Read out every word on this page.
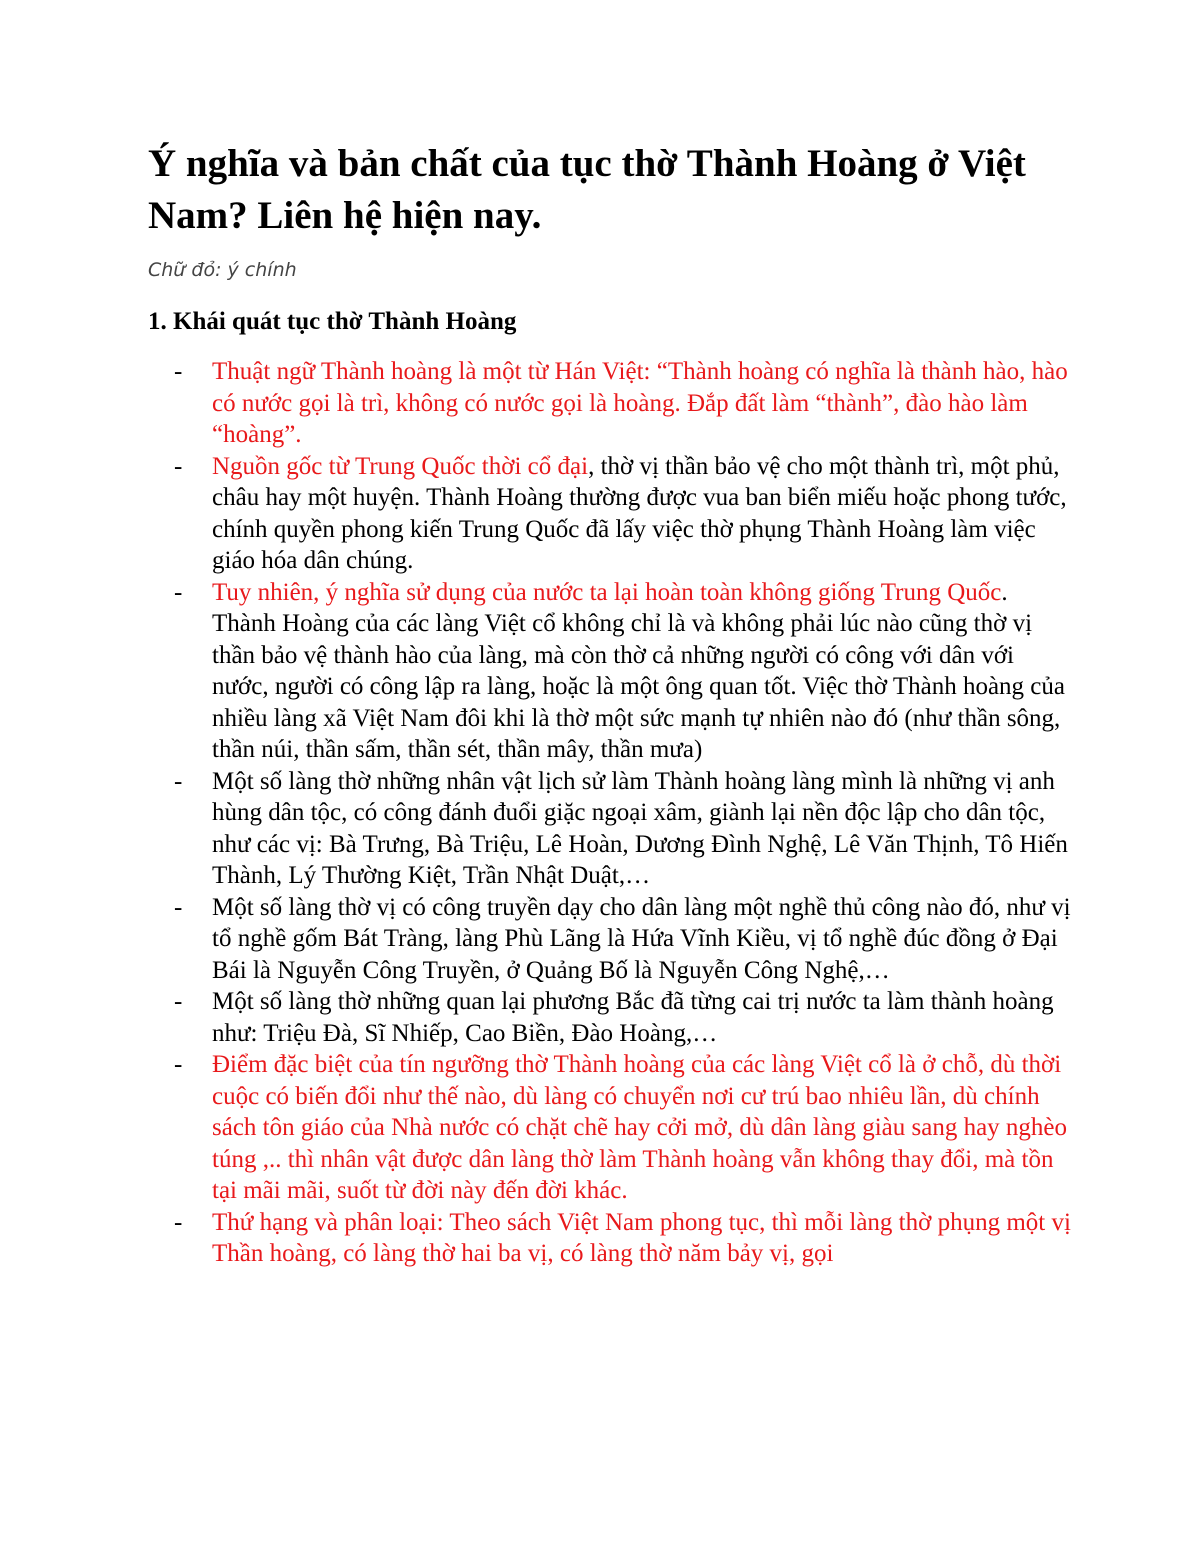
Ý nghĩa và bản chất của tục thờ Thành Hoàng ở Việt Nam? Liên hệ hiện nay.
Chữ đỏ: ý chính
1. Khái quát tục thờ Thành Hoàng
- Thuật ngữ Thành hoàng là một từ Hán Việt: “Thành hoàng có nghĩa là thành hào, hào có nước gọi là trì, không có nước gọi là hoàng. Đắp đất làm “thành”, đào hào làm “hoàng”.
- Nguồn gốc từ Trung Quốc thời cổ đại, thờ vị thần bảo vệ cho một thành trì, một phủ, châu hay một huyện. Thành Hoàng thường được vua ban biển miếu hoặc phong tước, chính quyền phong kiến Trung Quốc đã lấy việc thờ phụng Thành Hoàng làm việc giáo hóa dân chúng.
- Tuy nhiên, ý nghĩa sử dụng của nước ta lại hoàn toàn không giống Trung Quốc. Thành Hoàng của các làng Việt cổ không chỉ là và không phải lúc nào cũng thờ vị thần bảo vệ thành hào của làng, mà còn thờ cả những người có công với dân với nước, người có công lập ra làng, hoặc là một ông quan tốt. Việc thờ Thành hoàng của nhiều làng xã Việt Nam đôi khi là thờ một sức mạnh tự nhiên nào đó (như thần sông, thần núi, thần sấm, thần sét, thần mây, thần mưa)
- Một số làng thờ những nhân vật lịch sử làm Thành hoàng làng mình là những vị anh hùng dân tộc, có công đánh đuổi giặc ngoại xâm, giành lại nền độc lập cho dân tộc, như các vị: Bà Trưng, Bà Triệu, Lê Hoàn, Dương Đình Nghệ, Lê Văn Thịnh, Tô Hiến Thành, Lý Thường Kiệt, Trần Nhật Duật,…
- Một số làng thờ vị có công truyền dạy cho dân làng một nghề thủ công nào đó, như vị tổ nghề gốm Bát Tràng, làng Phù Lãng là Hứa Vĩnh Kiều, vị tổ nghề đúc đồng ở Đại Bái là Nguyễn Công Truyền, ở Quảng Bố là Nguyễn Công Nghệ,…
- Một số làng thờ những quan lại phương Bắc đã từng cai trị nước ta làm thành hoàng như: Triệu Đà, Sĩ Nhiếp, Cao Biền, Đào Hoàng,…
- Điểm đặc biệt của tín ngưỡng thờ Thành hoàng của các làng Việt cổ là ở chỗ, dù thời cuộc có biến đổi như thế nào, dù làng có chuyển nơi cư trú bao nhiêu lần, dù chính sách tôn giáo của Nhà nước có chặt chẽ hay cởi mở, dù dân làng giàu sang hay nghèo túng ,.. thì nhân vật được dân làng thờ làm Thành hoàng vẫn không thay đổi, mà tồn tại mãi mãi, suốt từ đời này đến đời khác.
- Thứ hạng và phân loại: Theo sách Việt Nam phong tục, thì mỗi làng thờ phụng một vị Thần hoàng, có làng thờ hai ba vị, có làng thờ năm bảy vị, gọi
